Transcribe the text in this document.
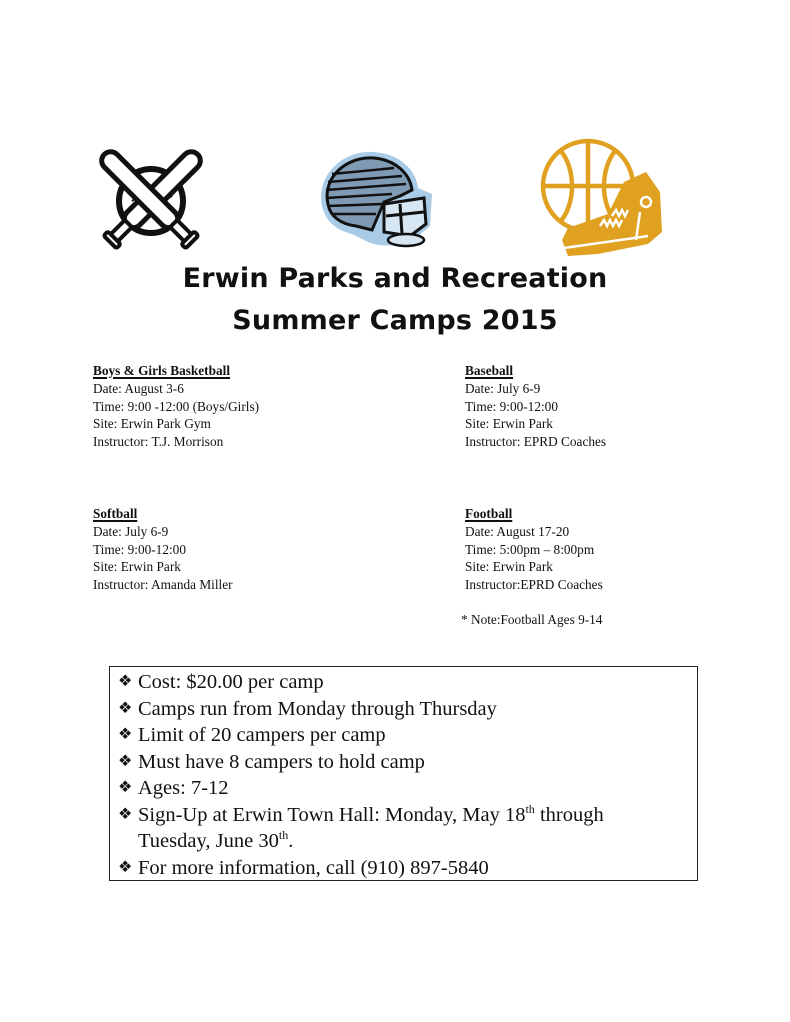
Erwin Parks and Recreation
Summer Camps 2015
Boys & Girls Basketball
Date: August 3-6
Time: 9:00 -12:00 (Boys/Girls)
Site: Erwin Park Gym
Instructor: T.J. Morrison
Baseball
Date: July 6-9
Time: 9:00-12:00
Site: Erwin Park
Instructor: EPRD Coaches
Softball
Date: July 6-9
Time: 9:00-12:00
Site: Erwin Park
Instructor: Amanda Miller
Football
Date: August 17-20
Time: 5:00pm – 8:00pm
Site: Erwin Park
Instructor:EPRD Coaches
* Note:Football Ages 9-14
❖ Cost: $20.00 per camp
❖ Camps run from Monday through Thursday
❖ Limit of 20 campers per camp
❖ Must have 8 campers to hold camp
❖ Ages: 7-12
❖ Sign-Up at Erwin Town Hall: Monday, May 18th through
Tuesday, June 30th.
❖ For more information, call (910) 897-5840
